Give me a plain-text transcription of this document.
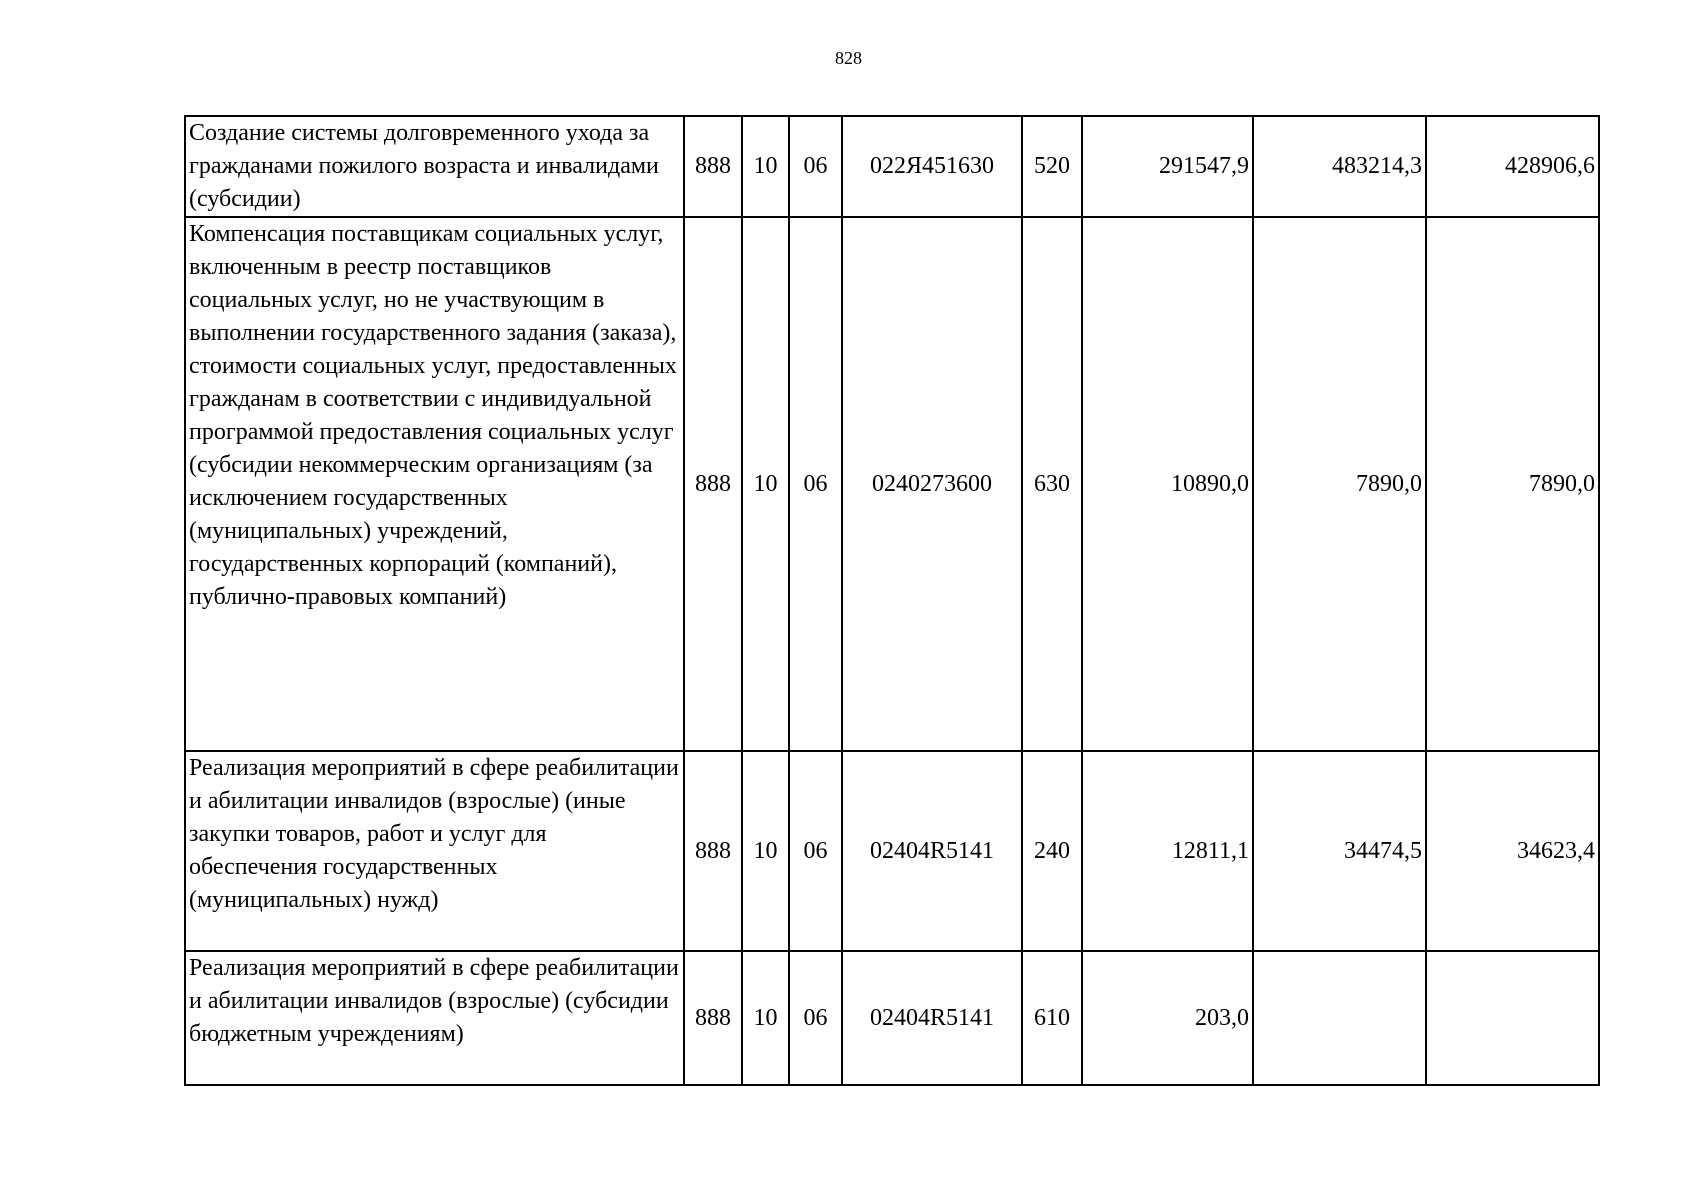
828
Создание системы долговременного ухода за гражданами пожилого возраста и инвалидами (субсидии)	888	10	06	022Я451630	520	291547,9	483214,3	428906,6
Компенсация поставщикам социальных услуг, включенным в реестр поставщиков социальных услуг, но не участвующим в выполнении государственного задания (заказа), стоимости социальных услуг, предоставленных гражданам в соответствии с индивидуальной программой предоставления социальных услуг (субсидии некоммерческим организациям (за исключением государственных (муниципальных) учреждений, государственных корпораций (компаний), публично-правовых компаний)	888	10	06	0240273600	630	10890,0	7890,0	7890,0
Реализация мероприятий в сфере реабилитации и абилитации инвалидов (взрослые) (иные закупки товаров, работ и услуг для обеспечения государственных (муниципальных) нужд)	888	10	06	02404R5141	240	12811,1	34474,5	34623,4
Реализация мероприятий в сфере реабилитации и абилитации инвалидов (взрослые) (субсидии бюджетным учреждениям)	888	10	06	02404R5141	610	203,0		
